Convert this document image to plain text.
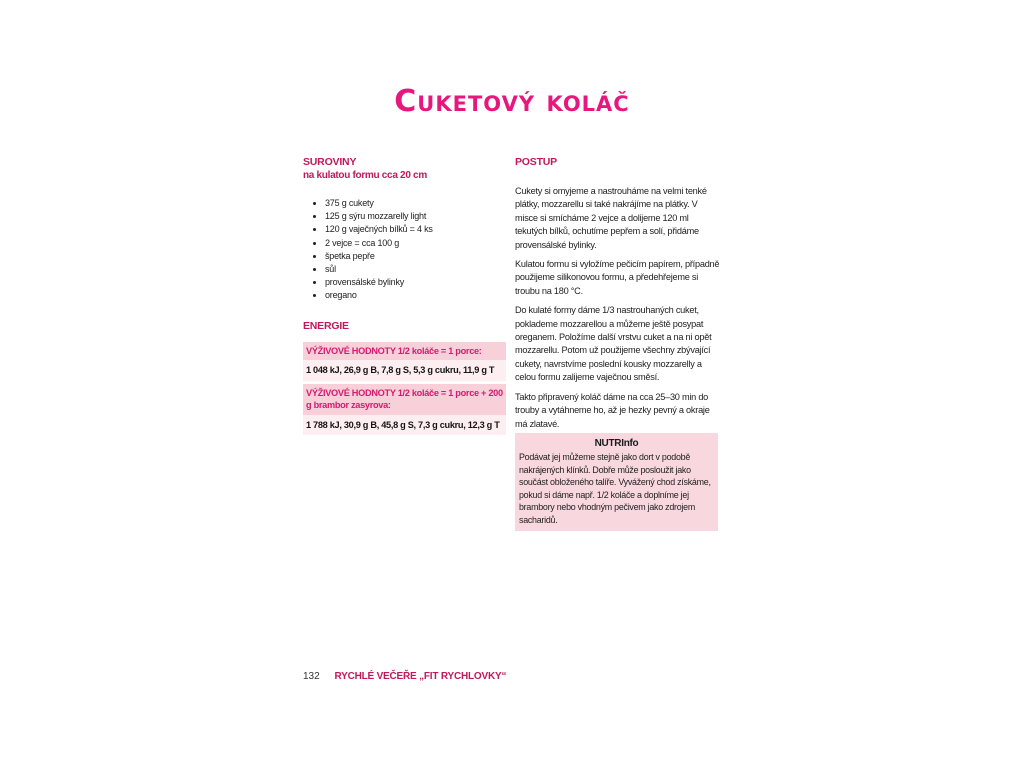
Cuketový koláč
SUROVINY
na kulatou formu cca 20 cm
• 375 g cukety
• 125 g sýru mozzarelly light
• 120 g vaječných bílků = 4 ks
• 2 vejce = cca 100 g
• špetka pepře
• sůl
• provensálské bylinky
• oregano
ENERGIE
VÝŽIVOVÉ HODNOTY 1/2 koláče = 1 porce:
1 048 kJ, 26,9 g B, 7,8 g S, 5,3 g cukru, 11,9 g T
VÝŽIVOVÉ HODNOTY 1/2 koláče = 1 porce + 200 g brambor zasyrova:
1 788 kJ, 30,9 g B, 45,8 g S, 7,3 g cukru, 12,3 g T
POSTUP

Cukety si omyjeme a nastrouháme na velmi tenké plátky, mozzarellu si také nakrájíme na plátky. V misce si smícháme 2 vejce a dolijeme 120 ml tekutých bílků, ochutíme pepřem a solí, přidáme provensálské bylinky.

Kulatou formu si vyložíme pečicím papírem, případně použijeme silikonovou formu, a předehřejeme si troubu na 180 °C.

Do kulaté formy dáme 1/3 nastrouhaných cuket, poklademe mozzarellou a můžeme ještě posypat oreganem. Položíme další vrstvu cuket a na ni opět mozzarellu. Potom už použijeme všechny zbývající cukety, navrstvíme poslední kousky mozzarelly a celou formu zalijeme vaječnou směsí.

Takto připravený koláč dáme na cca 25–30 min do trouby a vytáhneme ho, až je hezky pevný a okraje má zlatavé.

NUTRInfo
Podávat jej můžeme stejně jako dort v podobě nakrájených klínků. Dobře může posloužit jako součást obloženého talíře. Vyvážený chod získáme, pokud si dáme např. 1/2 koláče a doplníme jej brambory nebo vhodným pečivem jako zdrojem sacharidů.
132 RYCHLÉ VEČEŘE „FIT RYCHLOVKY“
